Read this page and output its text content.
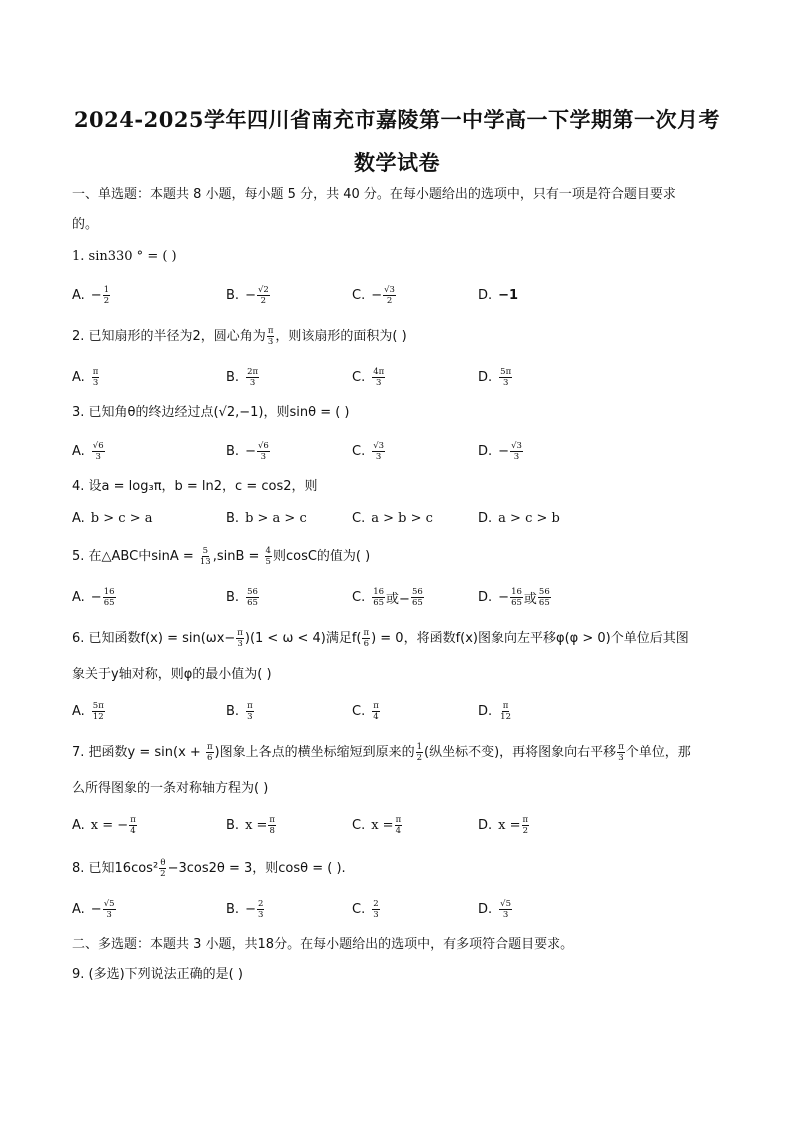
2024-2025学年四川省南充市嘉陵第一中学高一下学期第一次月考
数学试卷
一、单选题：本题共 8 小题，每小题 5 分，共 40 分。在每小题给出的选项中，只有一项是符合题目要求
的。
1. sin330 ° = ( )
A. − $\frac{1}{2}$	B. − $\frac{√2}{2}$	C. − $\frac{√3}{2}$	D. −1
2. 已知扇形的半径为2，圆心角为 $\frac{\pi}{3}$ ，则该扇形的面积为( )
A. $\frac{\pi}{3}$	B. $\frac{2\pi}{3}$	C. $\frac{4\pi}{3}$	D. $\frac{5\pi}{3}$
3. 已知角θ的终边经过点(√2,−1)，则sinθ = ( )
A. $\frac{√6}{3}$	B. − $\frac{√6}{3}$	C. $\frac{√3}{3}$	D. − $\frac{√3}{3}$
4. 设a = log₃π，b = ln2，c = cos2，则
A. b > c > a	B. b > a > c	C. a > b > c	D. a > c > b
5. 在△ABC中$\sin A = \frac{5}{13} ,\sin B = \frac{4}{5}$ 则cosC的值为( )
A. − $\frac{16}{65}$	B. $\frac{56}{65}$	C. $\frac{16}{65}$ 或− $\frac{56}{65}$	D. − $\frac{16}{65}$ 或 $\frac{56}{65}$
6. 已知函数$f(x) = \sin(\omega x- \frac{\pi}{3} )(1 < \omega < 4)$满足$f( \frac{\pi}{6}$ ) = 0，将函数f(x)图象向左平移φ(φ > 0)个单位后其图
象关于y轴对称，则φ的最小值为( )
A. $\frac{5\pi}{12}$	B. $\frac{\pi}{3}$	C. $\frac{\pi}{4}$	D. $\frac{\pi}{12}$
7. 把函数$y = \sin(x + \frac{\pi}{6}$ )图象上各点的横坐标缩短到原来的 $\frac{1}{2}$ (纵坐标不变)，再将图象向右平移 $\frac{\pi}{3}$ 个单位，那
么所得图象的一条对称轴方程为( )
A. x = − $\frac{\pi}{4}$	B. $x = \frac{\pi}{8}$	C. $x = \frac{\pi}{4}$	D. $x = \frac{\pi}{2}$
8. 已知$16\cos^2 \frac{\theta}{2} -3\cos 2\theta = 3$，则cosθ = ( ).
A. − $\frac{√5}{3}$	B. − $\frac{2}{3}$	C. $\frac{2}{3}$	D. $\frac{√5}{3}$
二、多选题：本题共 3 小题，共18分。在每小题给出的选项中，有多项符合题目要求。
9. (多选)下列说法正确的是( )
